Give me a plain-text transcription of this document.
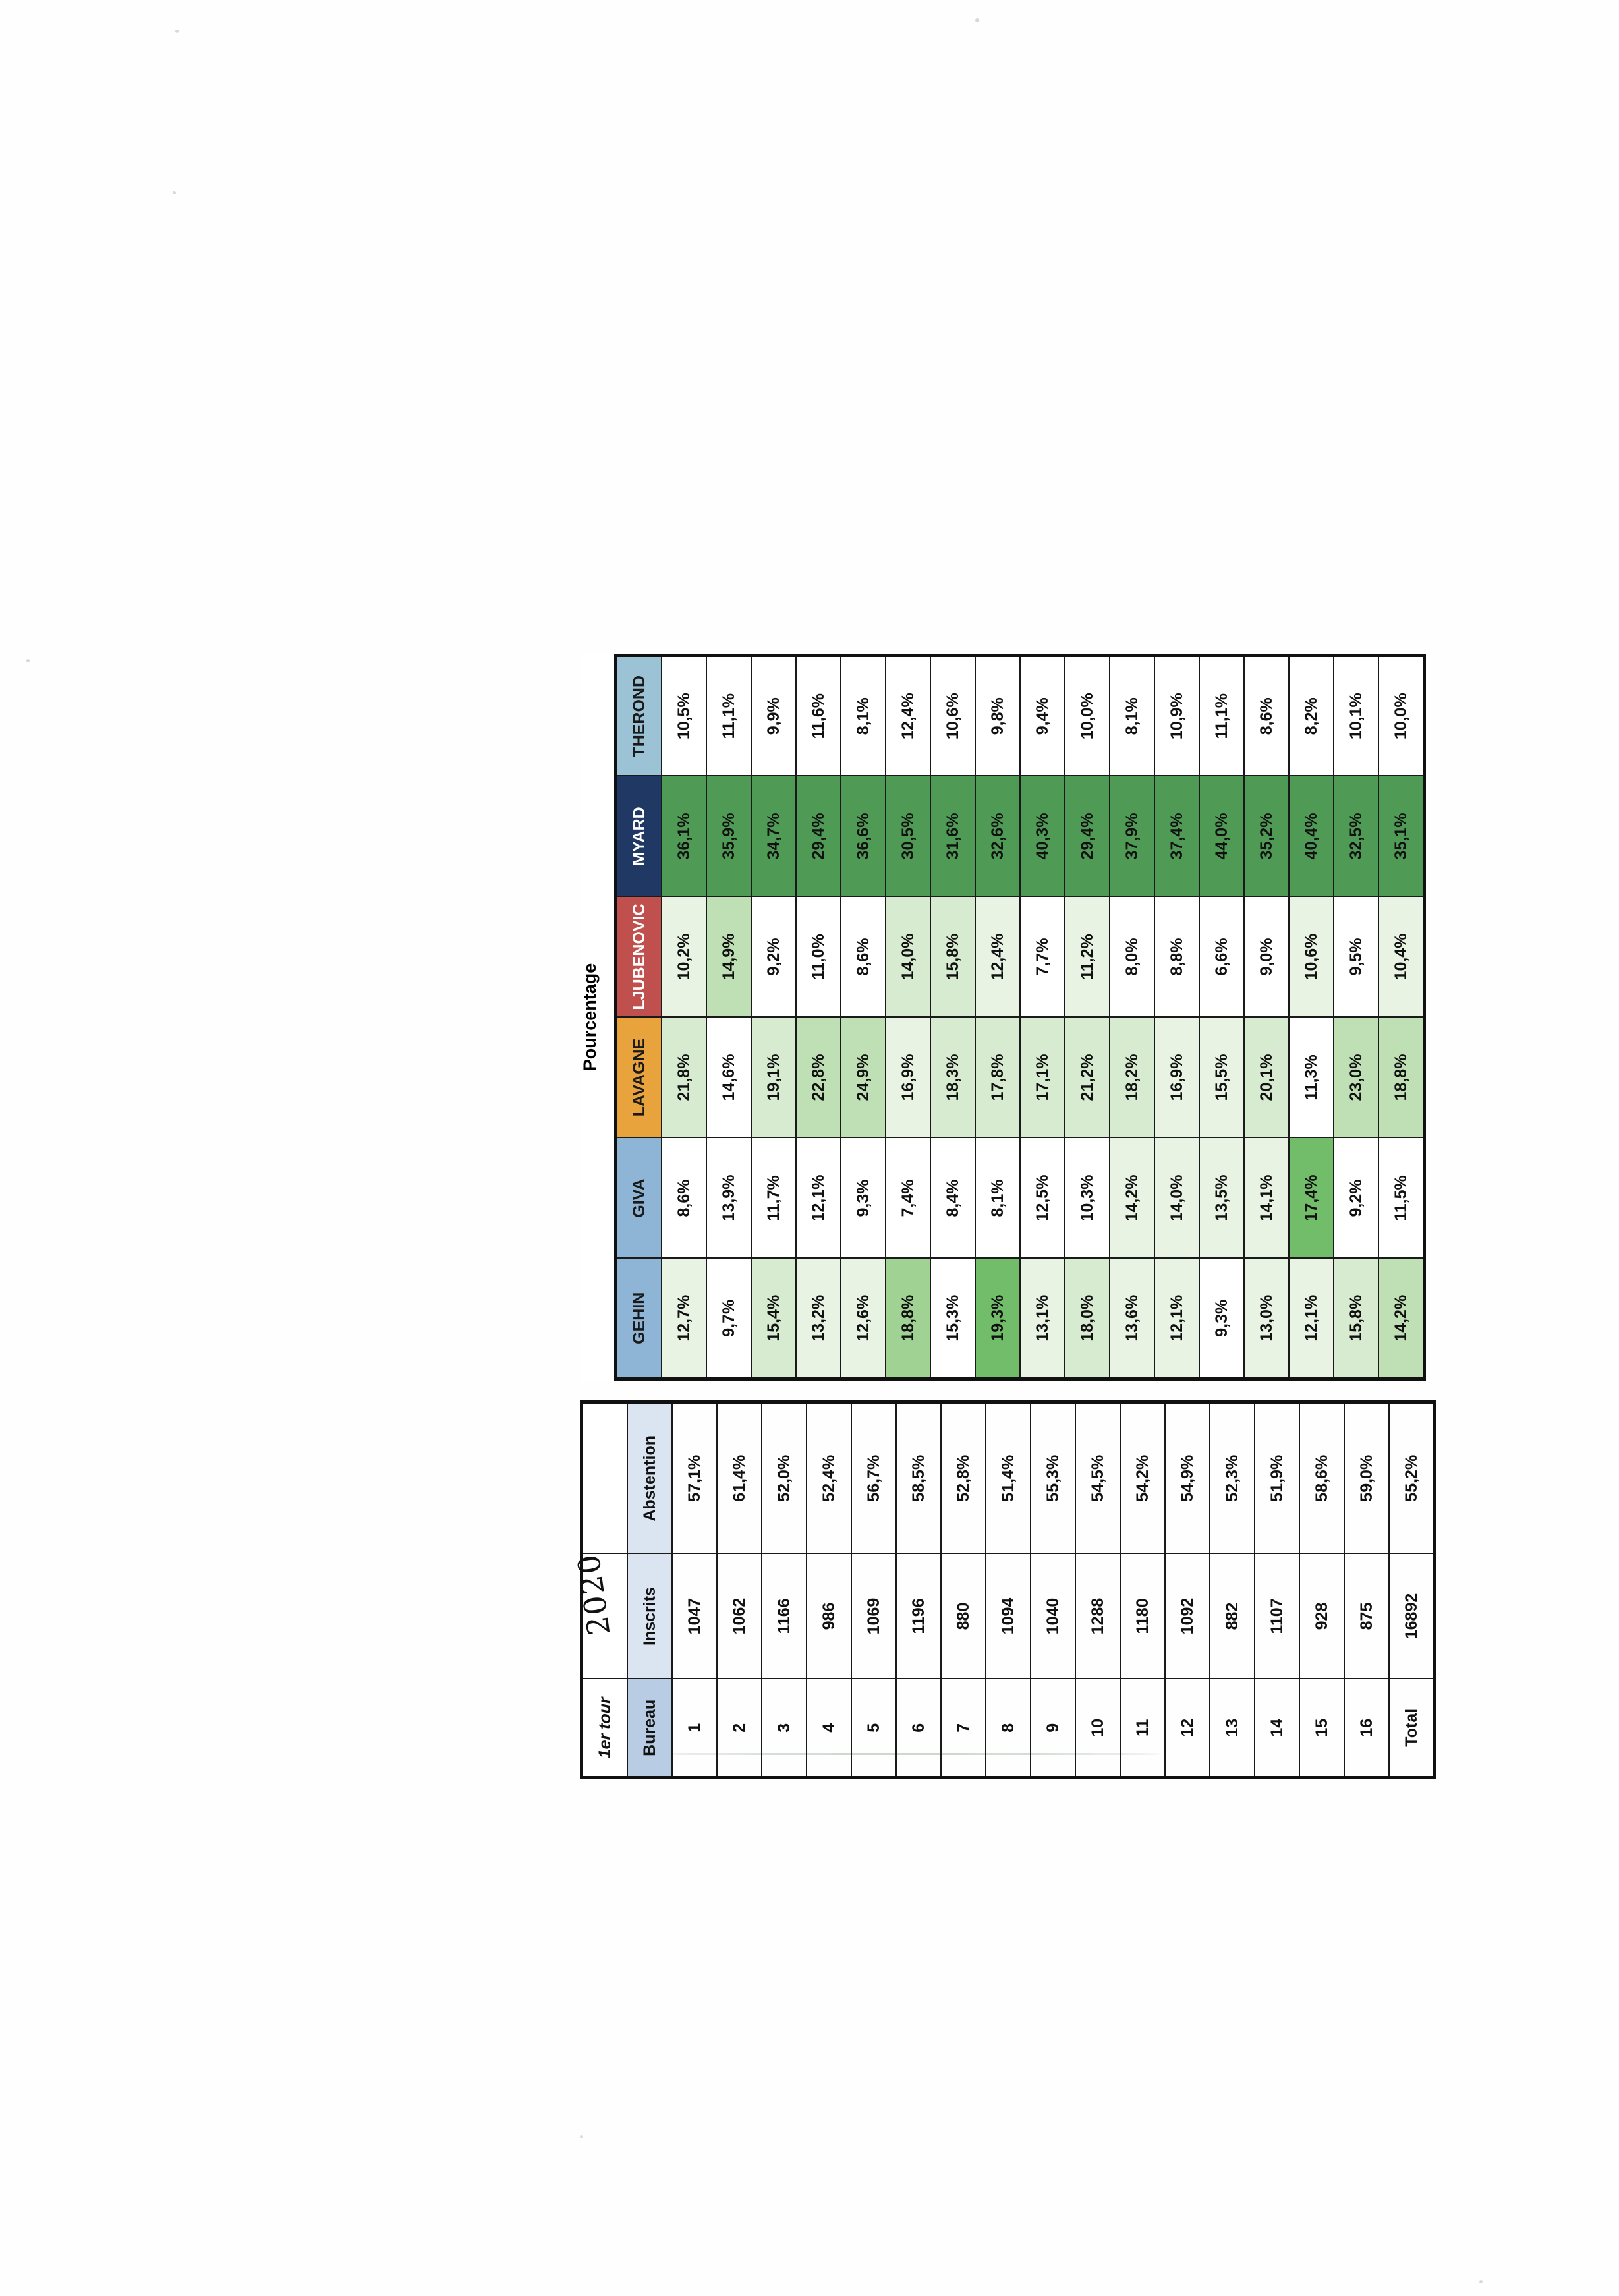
1er tour		
Bureau	Inscrits	Abstention
1	1047	57,1%
2	1062	61,4%
3	1166	52,0%
4	986	52,4%
5	1069	56,7%
6	1196	58,5%
7	880	52,8%
8	1094	51,4%
9	1040	55,3%
10	1288	54,5%
11	1180	54,2%
12	1092	54,9%
13	882	52,3%
14	1107	51,9%
15	928	58,6%
16	875	59,0%
Total	16892	55,2%
2020
Pourcentage
GEHIN	GIVA	LAVAGNE	LJUBENOVIC	MYARD	THEROND
12,7%	8,6%	21,8%	10,2%	36,1%	10,5%
9,7%	13,9%	14,6%	14,9%	35,9%	11,1%
15,4%	11,7%	19,1%	9,2%	34,7%	9,9%
13,2%	12,1%	22,8%	11,0%	29,4%	11,6%
12,6%	9,3%	24,9%	8,6%	36,6%	8,1%
18,8%	7,4%	16,9%	14,0%	30,5%	12,4%
15,3%	8,4%	18,3%	15,8%	31,6%	10,6%
19,3%	8,1%	17,8%	12,4%	32,6%	9,8%
13,1%	12,5%	17,1%	7,7%	40,3%	9,4%
18,0%	10,3%	21,2%	11,2%	29,4%	10,0%
13,6%	14,2%	18,2%	8,0%	37,9%	8,1%
12,1%	14,0%	16,9%	8,8%	37,4%	10,9%
9,3%	13,5%	15,5%	6,6%	44,0%	11,1%
13,0%	14,1%	20,1%	9,0%	35,2%	8,6%
12,1%	17,4%	11,3%	10,6%	40,4%	8,2%
15,8%	9,2%	23,0%	9,5%	32,5%	10,1%
14,2%	11,5%	18,8%	10,4%	35,1%	10,0%
